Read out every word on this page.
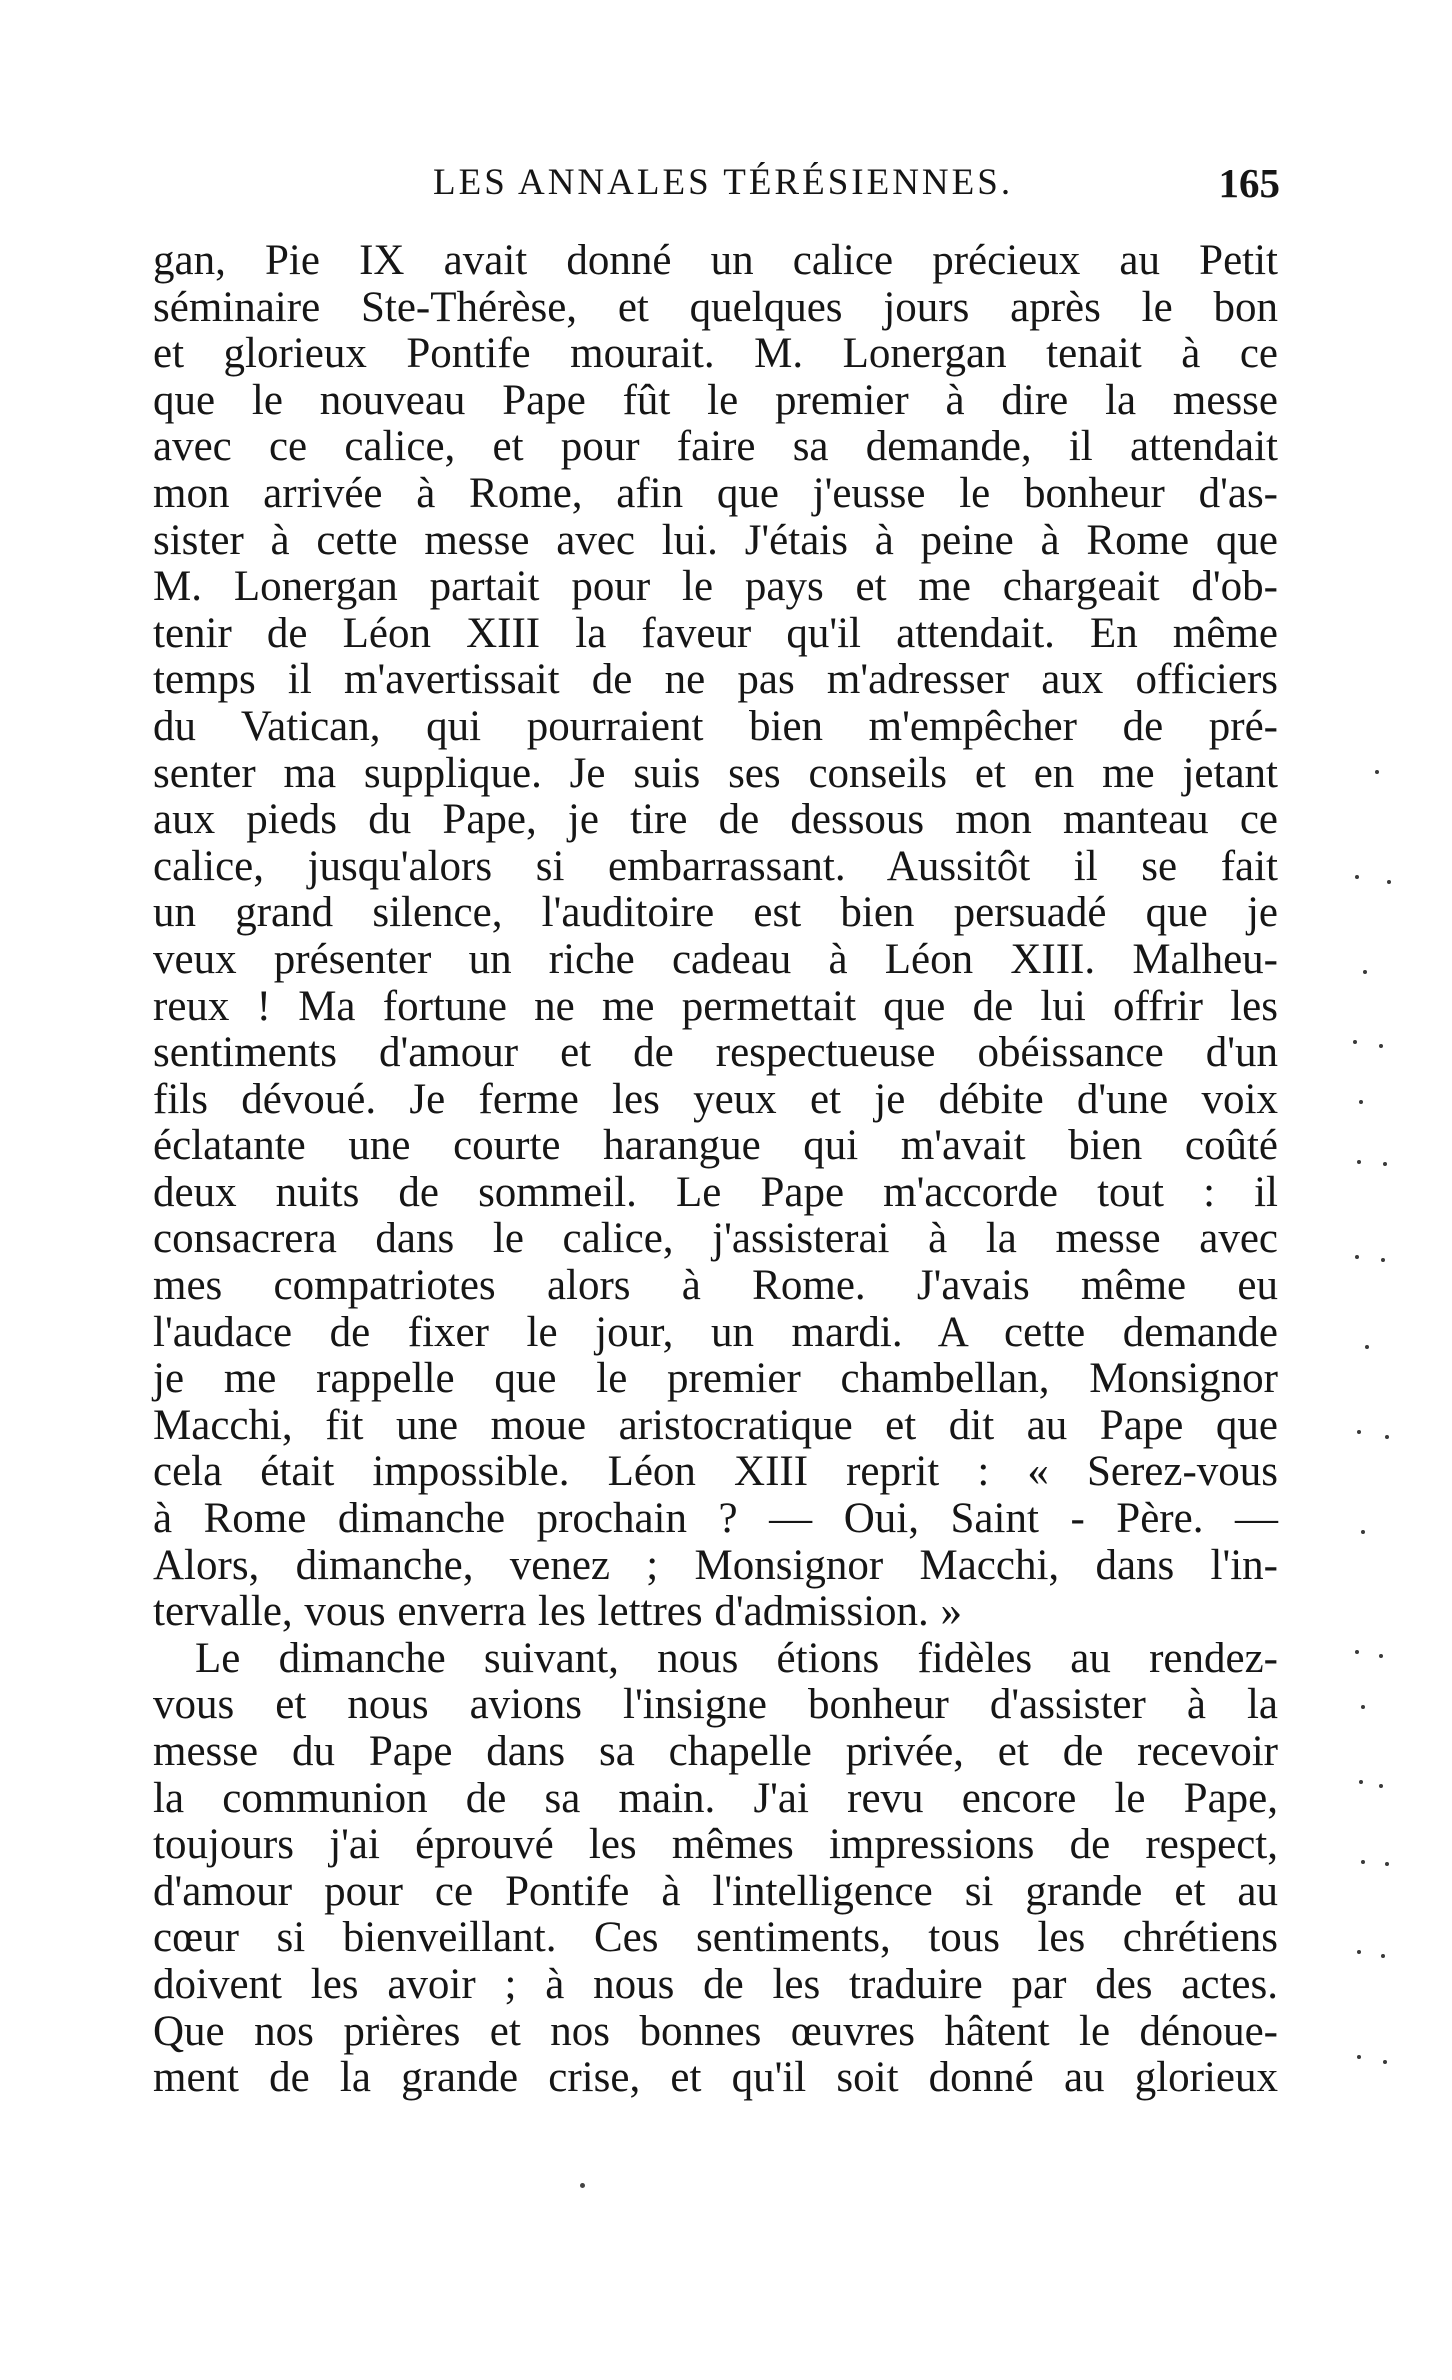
LES ANNALES TÉRÉSIENNES.	165
gan, Pie IX avait donné un calice précieux au Petit
séminaire Ste-Thérèse, et quelques jours après le bon
et glorieux Pontife mourait. M. Lonergan tenait à ce
que le nouveau Pape fût le premier à dire la messe
avec ce calice, et pour faire sa demande, il attendait
mon arrivée à Rome, afin que j'eusse le bonheur d'as-
sister à cette messe avec lui. J'étais à peine à Rome que
M. Lonergan partait pour le pays et me chargeait d'ob-
tenir de Léon XIII la faveur qu'il attendait. En même
temps il m'avertissait de ne pas m'adresser aux officiers
du Vatican, qui pourraient bien m'empêcher de pré-
senter ma supplique. Je suis ses conseils et en me jetant
aux pieds du Pape, je tire de dessous mon manteau ce
calice, jusqu'alors si embarrassant. Aussitôt il se fait
un grand silence, l'auditoire est bien persuadé que je
veux présenter un riche cadeau à Léon XIII. Malheu-
reux ! Ma fortune ne me permettait que de lui offrir les
sentiments d'amour et de respectueuse obéissance d'un
fils dévoué. Je ferme les yeux et je débite d'une voix
éclatante une courte harangue qui m'avait bien coûté
deux nuits de sommeil. Le Pape m'accorde tout : il
consacrera dans le calice, j'assisterai à la messe avec
mes compatriotes alors à Rome. J'avais même eu
l'audace de fixer le jour, un mardi. A cette demande
je me rappelle que le premier chambellan, Monsignor
Macchi, fit une moue aristocratique et dit au Pape que
cela était impossible. Léon XIII reprit : « Serez-vous
à Rome dimanche prochain ? — Oui, Saint - Père. —
Alors, dimanche, venez ; Monsignor Macchi, dans l'in-
tervalle, vous enverra les lettres d'admission. »
Le dimanche suivant, nous étions fidèles au rendez-
vous et nous avions l'insigne bonheur d'assister à la
messe du Pape dans sa chapelle privée, et de recevoir
la communion de sa main. J'ai revu encore le Pape,
toujours j'ai éprouvé les mêmes impressions de respect,
d'amour pour ce Pontife à l'intelligence si grande et au
cœur si bienveillant. Ces sentiments, tous les chrétiens
doivent les avoir ; à nous de les traduire par des actes.
Que nos prières et nos bonnes œuvres hâtent le dénoue-
ment de la grande crise, et qu'il soit donné au glorieux
